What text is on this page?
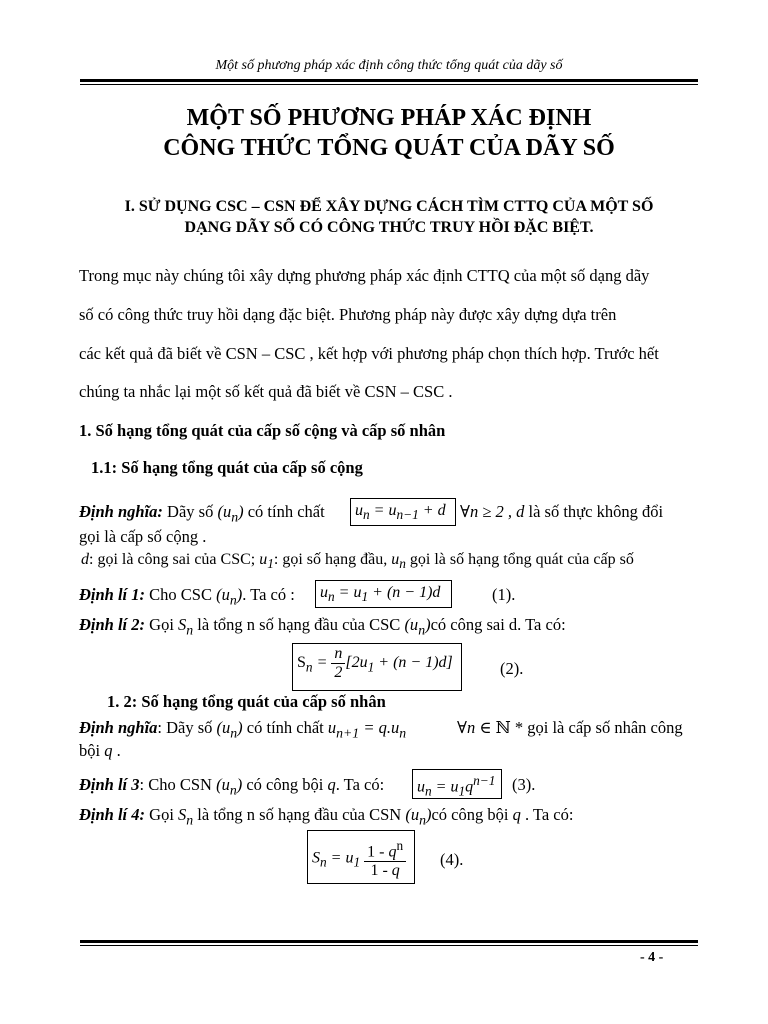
Một số phương pháp xác định công thức tổng quát của dãy số
MỘT SỐ PHƯƠNG PHÁP XÁC ĐỊNH
CÔNG THỨC TỔNG QUÁT CỦA DÃY SỐ
I. SỬ DỤNG CSC – CSN ĐỂ XÂY DỰNG CÁCH TÌM CTTQ CỦA MỘT SỐ
DẠNG DÃY SỐ CÓ CÔNG THỨC TRUY HỒI ĐẶC BIỆT.
Trong mục này chúng tôi xây dựng phương pháp xác định CTTQ của một số dạng dãy
số có công thức truy hồi dạng đặc biệt. Phương pháp này được xây dựng dựa trên
các kết quả đã biết về CSN – CSC , kết hợp với phương pháp chọn thích hợp. Trước hết
chúng ta nhắc lại một số kết quả đã biết về CSN – CSC .
1. Số hạng tổng quát của cấp số cộng và cấp số nhân
1.1: Số hạng tổng quát của cấp số cộng
Định nghĩa: Dãy số $(u_n)$ có tính chất $u_n = u_{n-1} + d$ ∀n ≥ 2 , d là số thực không đổi
gọi là cấp số cộng .
d: gọi là công sai của CSC; $u_1$: gọi số hạng đầu, $u_n$ gọi là số hạng tổng quát của cấp số
Định lí 1: Cho CSC $(u_n)$. Ta có : $u_n = u_1 + (n - 1)d$	(1).
Định lí 2: Gọi $S_n$ là tổng n số hạng đầu của CSC $(u_n)có$ công sai d. Ta có:
$S_n = \frac{n}{2} [2u_1 + (n - 1)d]$	(2).
1. 2: Số hạng tổng quát của cấp số nhân
Định nghĩa: Dãy số $(u_n)$ có tính chất $u_{n+1} = q.u_n$	∀n ∈ ℕ * gọi là cấp số nhân công
bội q .
Định lí 3: Cho CSN $(u_n)$ có công bội q. Ta có: $u_n = u_1q^{n-1}$ (3).
Định lí 4: Gọi $S_n$ là tổng n số hạng đầu của CSN $(u_n)có$ công bội q . Ta có:
$S_n = u_1 \frac{1 - q^n}{1 - q} (4)$.
- 4 -
